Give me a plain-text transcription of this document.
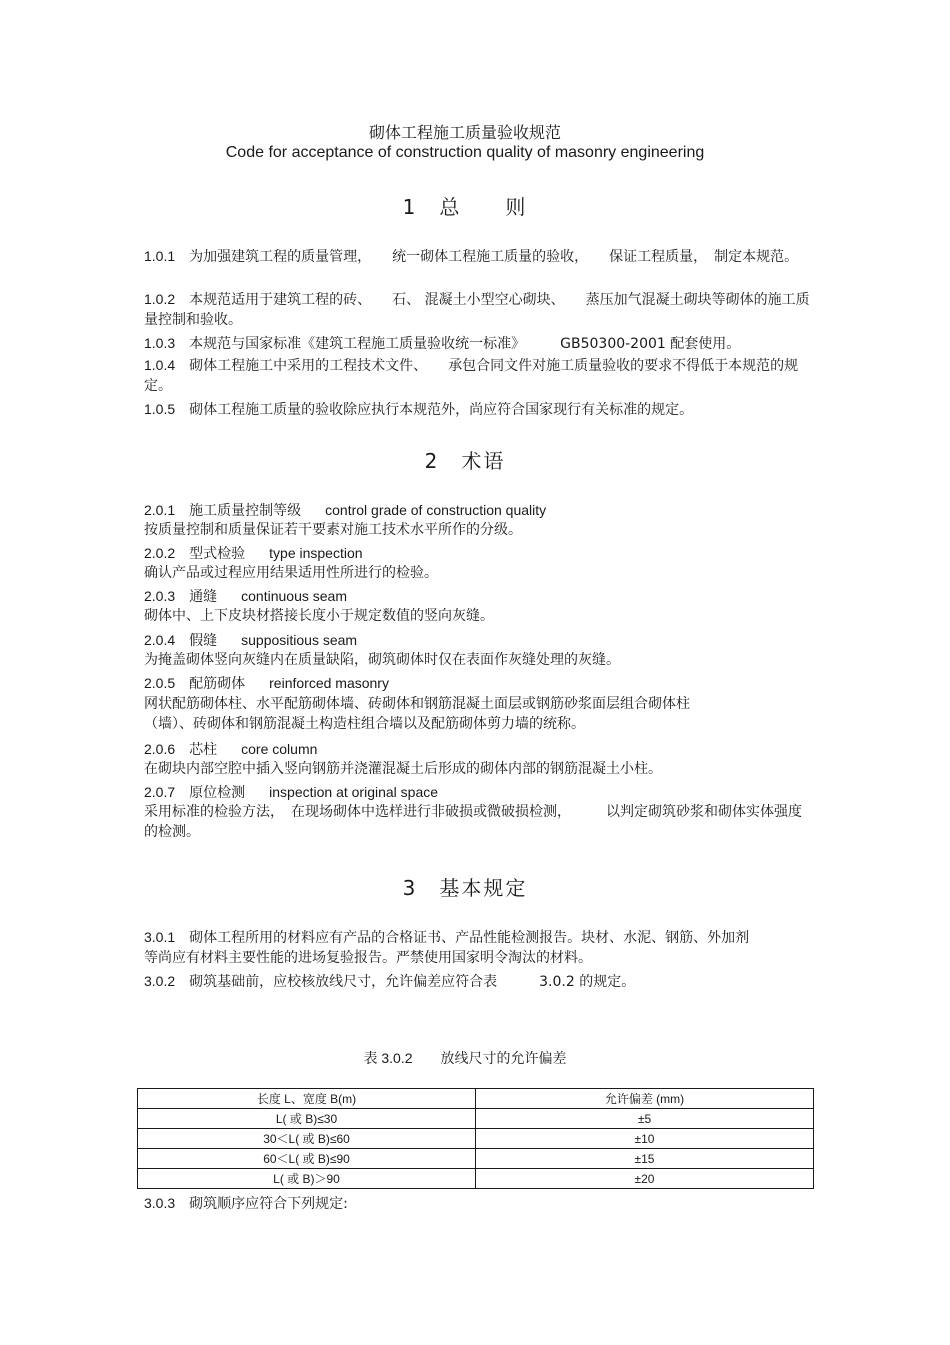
砌体工程施工质量验收规范
Code for acceptance of construction quality of masonry engineering
1　总　　则
1.0.1 为加强建筑工程的质量管理，　　统一砌体工程施工质量的验收，　　保证工程质量，　制定本规范。
1.0.2 本规范适用于建筑工程的砖、　　石、 混凝土小型空心砌块、　　蒸压加气混凝土砌块等砌体的施工质量控制和验收。
1.0.3 本规范与国家标准《建筑工程施工质量验收统一标准》　　　GB50300-2001 配套使用。
1.0.4 砌体工程施工中采用的工程技术文件、　　承包合同文件对施工质量验收的要求不得低于本规范的规定。
1.0.5 砌体工程施工质量的验收除应执行本规范外，尚应符合国家现行有关标准的规定。
2　术语
2.0.1 施工质量控制等级 control grade of construction quality
按质量控制和质量保证若干要素对施工技术水平所作的分级。
2.0.2 型式检验 type inspection
确认产品或过程应用结果适用性所进行的检验。
2.0.3 通缝 continuous seam
砌体中、上下皮块材搭接长度小于规定数值的竖向灰缝。
2.0.4 假缝 suppositious seam
为掩盖砌体竖向灰缝内在质量缺陷，砌筑砌体时仅在表面作灰缝处理的灰缝。
2.0.5 配筋砌体 reinforced masonry
网状配筋砌体柱、水平配筋砌体墙、砖砌体和钢筋混凝土面层或钢筋砂浆面层组合砌体柱（墙）、砖砌体和钢筋混凝土构造柱组合墙以及配筋砌体剪力墙的统称。
2.0.6 芯柱 core column
在砌块内部空腔中插入竖向钢筋并浇灌混凝土后形成的砌体内部的钢筋混凝土小柱。
2.0.7 原位检测 inspection at original space
采用标准的检验方法，　在现场砌体中选样进行非破损或微破损检测，　　　以判定砌筑砂浆和砌体实体强度的检测。
3　基本规定
3.0.1 砌体工程所用的材料应有产品的合格证书、产品性能检测报告。块材、水泥、钢筋、外加剂等尚应有材料主要性能的进场复验报告。严禁使用国家明令淘汰的材料。
3.0.2 砌筑基础前，应校核放线尺寸，允许偏差应符合表　　　3.0.2 的规定。
表 3.0.2 放线尺寸的允许偏差
长度 L、宽度 B(m)	允许偏差 (mm)
L( 或 B)≤30	±5
30＜L( 或 B)≤60	±10
60＜L( 或 B)≤90	±15
L( 或 B)＞90	±20
3.0.3 砌筑顺序应符合下列规定:
